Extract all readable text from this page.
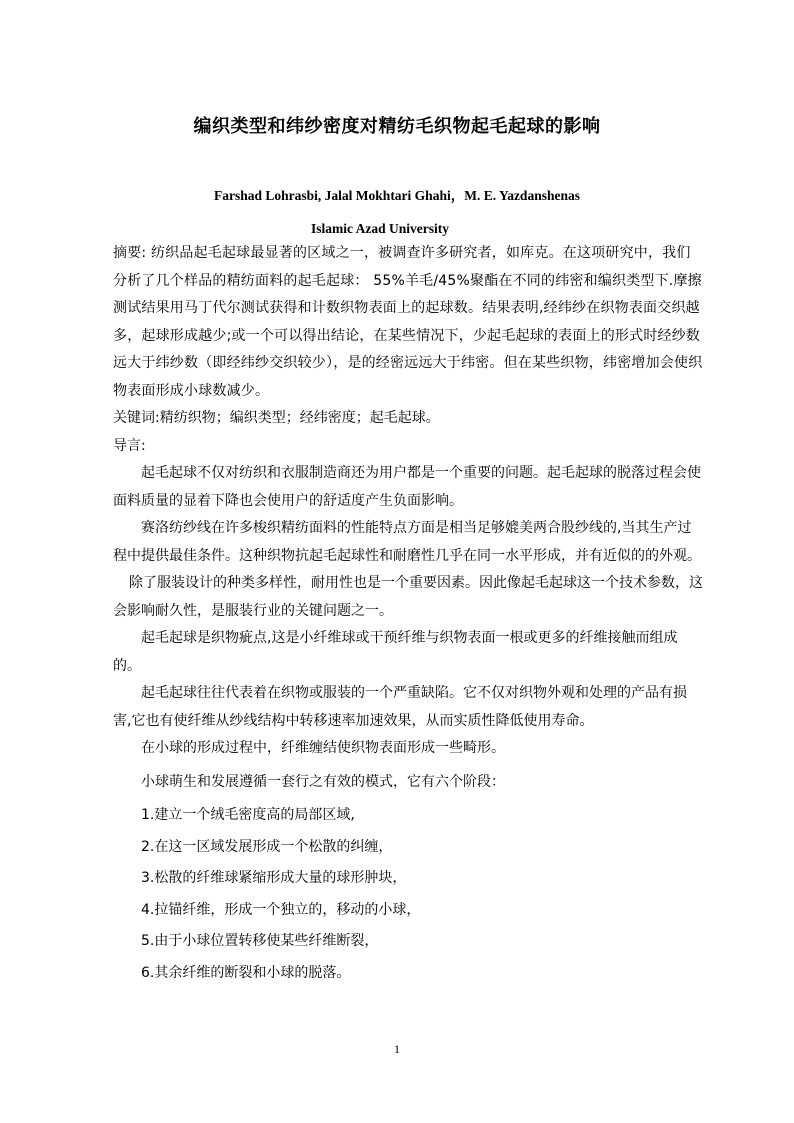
编织类型和纬纱密度对精纺毛织物起毛起球的影响
Farshad Lohrasbi, Jalal Mokhtari Ghahi，M. E. Yazdanshenas
Islamic Azad University

摘要: 纺织品起毛起球最显著的区域之一，被调查许多研究者，如库克。在这项研究中，我们分析了几个样品的精纺面料的起毛起球： 55%羊毛/45%聚酯在不同的纬密和编织类型下.摩擦测试结果用马丁代尔测试获得和计数织物表面上的起球数。结果表明,经纬纱在织物表面交织越多，起球形成越少;或一个可以得出结论，在某些情况下，少起毛起球的表面上的形式时经纱数远大于纬纱数（即经纬纱交织较少），是的经密远远大于纬密。但在某些织物，纬密增加会使织物表面形成小球数减少。

关键词:精纺织物；编织类型；经纬密度；起毛起球。

导言:

起毛起球不仅对纺织和衣服制造商还为用户都是一个重要的问题。起毛起球的脱落过程会使面料质量的显着下降也会使用户的舒适度产生负面影响。

赛洛纺纱线在许多梭织精纺面料的性能特点方面是相当足够媲美两合股纱线的,当其生产过程中提供最佳条件。这种织物抗起毛起球性和耐磨性几乎在同一水平形成，并有近似的的外观。

除了服装设计的种类多样性，耐用性也是一个重要因素。因此像起毛起球这一个技术参数，这会影响耐久性，是服装行业的关键问题之一。

起毛起球是织物疵点,这是小纤维球或干预纤维与织物表面一根或更多的纤维接触而组成的。

起毛起球往往代表着在织物或服装的一个严重缺陷。它不仅对织物外观和处理的产品有损害,它也有使纤维从纱线结构中转移速率加速效果，从而实质性降低使用寿命。

在小球的形成过程中，纤维缠结使织物表面形成一些畸形。

小球萌生和发展遵循一套行之有效的模式，它有六个阶段：

1.建立一个绒毛密度高的局部区域,

2.在这一区域发展形成一个松散的纠缠，

3.松散的纤维球紧缩形成大量的球形肿块，

4.拉锚纤维，形成一个独立的，移动的小球，

5.由于小球位置转移使某些纤维断裂，

6.其余纤维的断裂和小球的脱落。

1
